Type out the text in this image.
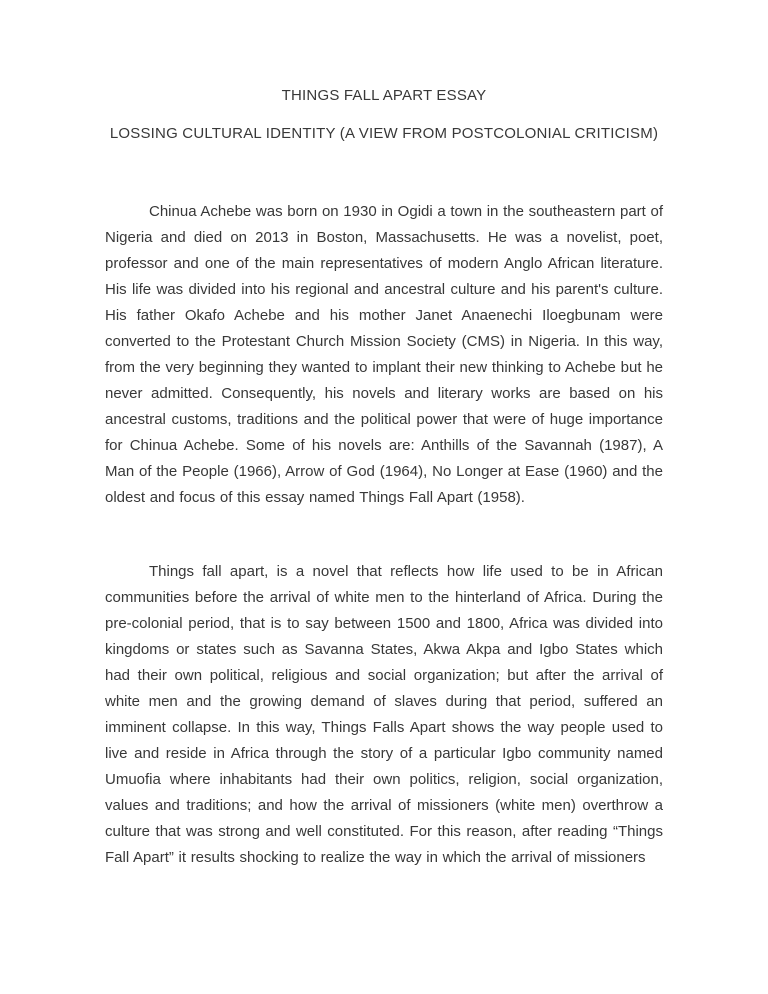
THINGS FALL APART ESSAY
LOSSING CULTURAL IDENTITY (A VIEW FROM POSTCOLONIAL CRITICISM)
Chinua Achebe was born on 1930 in Ogidi a town in the southeastern part of Nigeria and died on 2013 in Boston, Massachusetts. He was a novelist, poet, professor and one of the main representatives of modern Anglo African literature. His life was divided into his regional and ancestral culture and his parent's culture. His father Okafo Achebe and his mother Janet Anaenechi Iloegbunam were converted to the Protestant Church Mission Society (CMS) in Nigeria. In this way, from the very beginning they wanted to implant their new thinking to Achebe but he never admitted. Consequently, his novels and literary works are based on his ancestral customs, traditions and the political power that were of huge importance for Chinua Achebe. Some of his novels are: Anthills of the Savannah (1987), A Man of the People (1966), Arrow of God (1964), No Longer at Ease (1960) and the oldest and focus of this essay named Things Fall Apart (1958).
Things fall apart, is a novel that reflects how life used to be in African communities before the arrival of white men to the hinterland of Africa. During the pre-colonial period, that is to say between 1500 and 1800, Africa was divided into kingdoms or states such as Savanna States, Akwa Akpa and Igbo States which had their own political, religious and social organization; but after the arrival of white men and the growing demand of slaves during that period, suffered an imminent collapse. In this way, Things Falls Apart shows the way people used to live and reside in Africa through the story of a particular Igbo community named Umuofia where inhabitants had their own politics, religion, social organization, values and traditions; and how the arrival of missioners (white men) overthrow a culture that was strong and well constituted. For this reason, after reading “Things Fall Apart” it results shocking to realize the way in which the arrival of missioners
